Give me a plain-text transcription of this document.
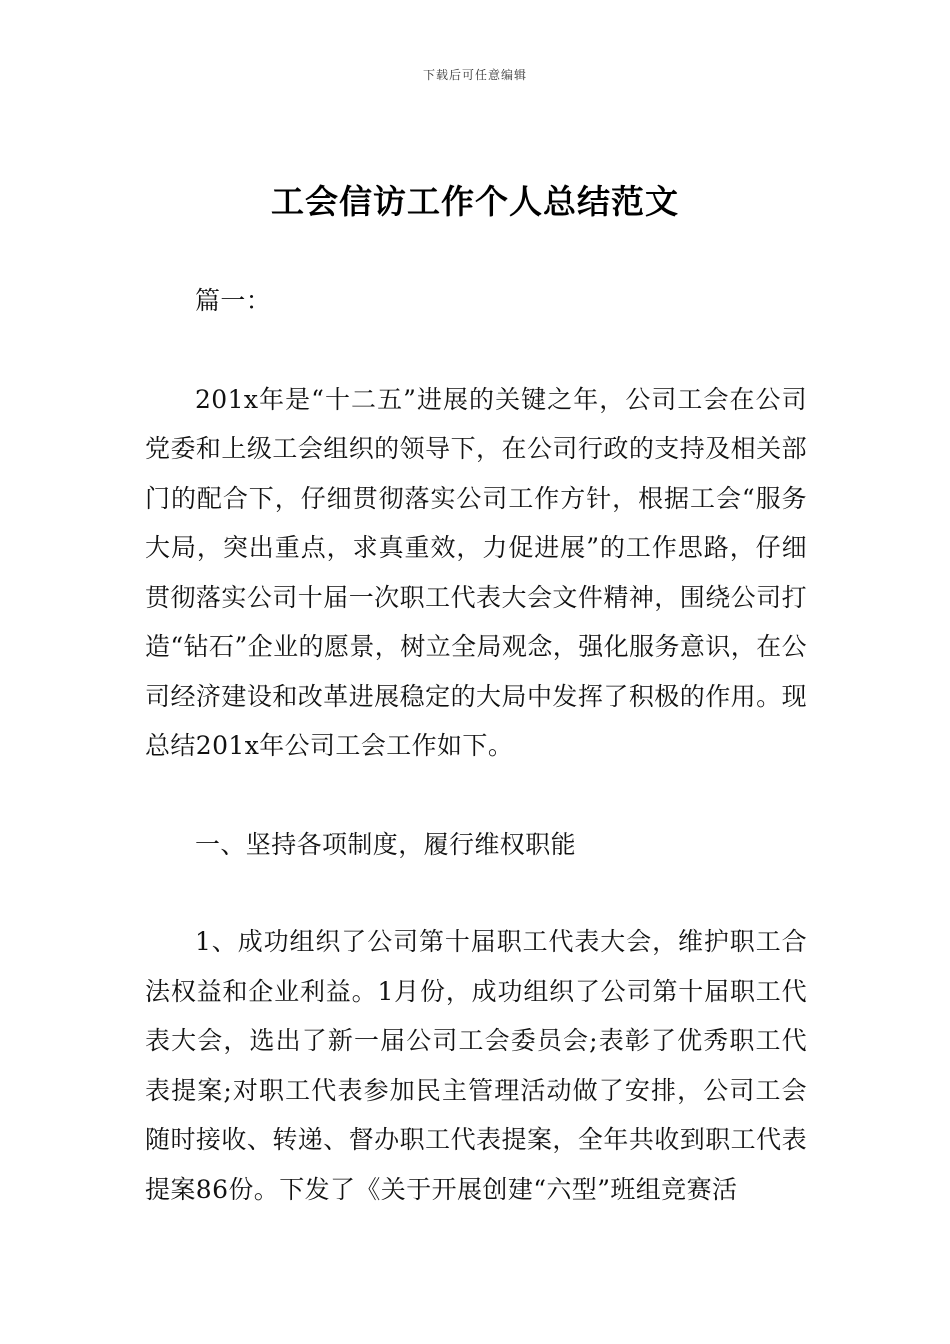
下载后可任意编辑
工会信访工作个人总结范文

篇一：

201x年是“十二五”进展的关键之年，公司工会在公司党委和上级工会组织的领导下，在公司行政的支持及相关部门的配合下，仔细贯彻落实公司工作方针，根据工会“服务大局，突出重点，求真重效，力促进展”的工作思路，仔细贯彻落实公司十届一次职工代表大会文件精神，围绕公司打造“钻石”企业的愿景，树立全局观念，强化服务意识，在公司经济建设和改革进展稳定的大局中发挥了积极的作用。现总结201x年公司工会工作如下。

一、坚持各项制度，履行维权职能

1、成功组织了公司第十届职工代表大会，维护职工合法权益和企业利益。1月份，成功组织了公司第十届职工代表大会，选出了新一届公司工会委员会;表彰了优秀职工代表提案;对职工代表参加民主管理活动做了安排，公司工会随时接收、转递、督办职工代表提案，全年共收到职工代表提案86份。下发了《关于开展创建“六型”班组竞赛活
